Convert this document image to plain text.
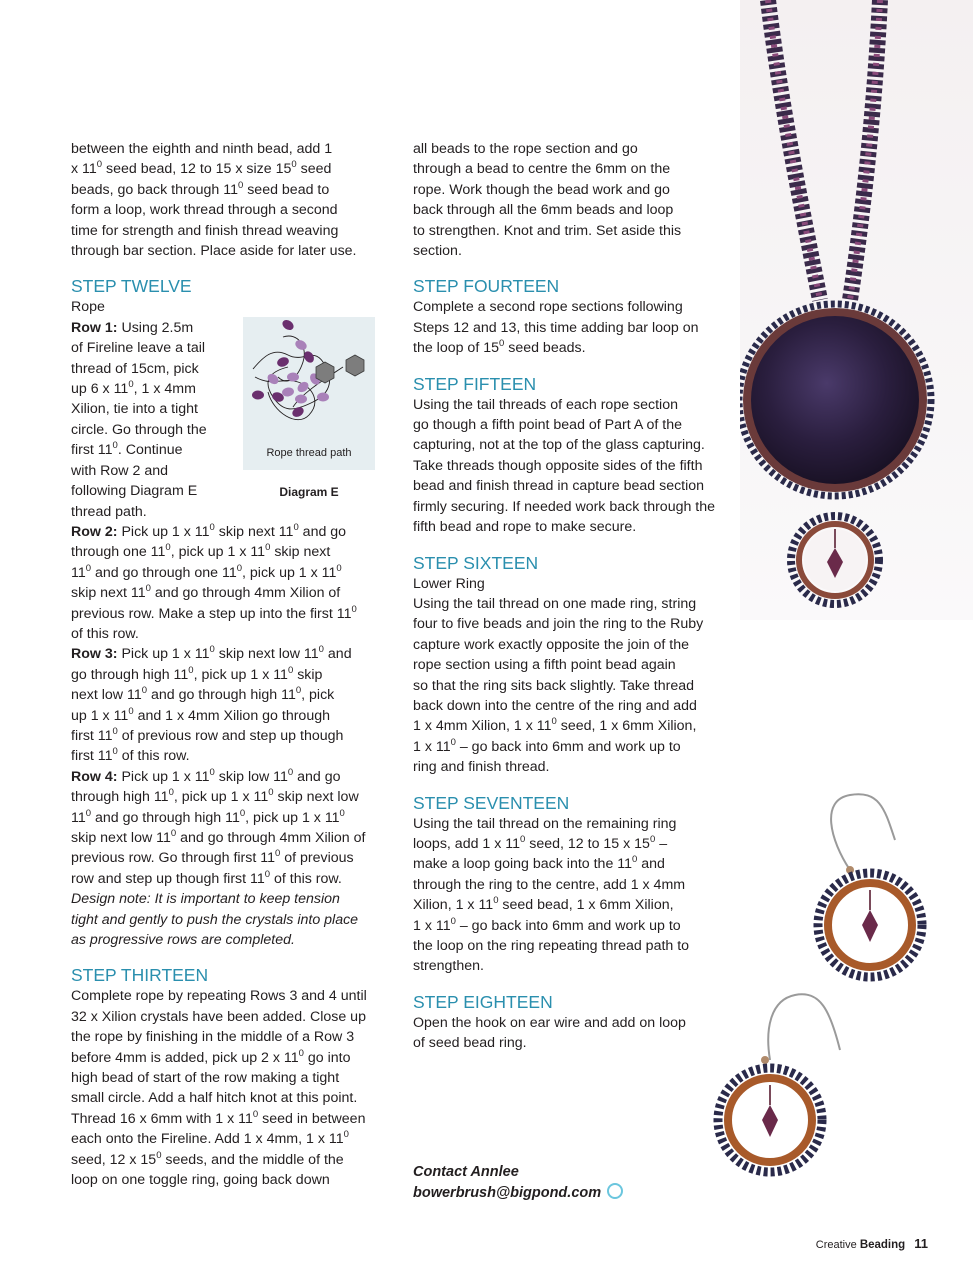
between the eighth and ninth bead, add 1
x $11^0$ seed bead, 12 to 15 x size $15^0$ seed
beads, go back through $11^0$ seed bead to
form a loop, work thread through a second
time for strength and finish thread weaving
through bar section. Place aside for later use.

STEP TWELVE

Rope

Row 1: Using 2.5m
of Fireline leave a tail
thread of 15cm, pick
up 6 x $11^0$, 1 x 4mm
Xilion, tie into a tight
circle. Go through the
first $11^0$. Continue
with Row 2 and
following Diagram E
thread path.

Row 2: Pick up 1 x $11^0$ skip next $11^0$ and go
through one $11^0$, pick up 1 x $11^0$ skip next
$11^0$ and go through one $11^0$, pick up 1 x $11^0$
skip next $11^0$ and go through 4mm Xilion of
previous row. Make a step up into the first $11^0$
of this row.

Row 3: Pick up 1 x $11^0$ skip next low $11^0$ and
go through high $11^0$, pick up 1 x $11^0$ skip
next low $11^0$ and go through high $11^0$, pick
up 1 x $11^0$ and 1 x 4mm Xilion go through
first $11^0$ of previous row and step up though
first $11^0$ of this row.

Row 4: Pick up 1 x $11^0$ skip low $11^0$ and go
through high $11^0$, pick up 1 x $11^0$ skip next low
$11^0$ and go through high $11^0$, pick up 1 x $11^0$
skip next low $11^0$ and go through 4mm Xilion of
previous row. Go through first $11^0$ of previous
row and step up though first $11^0$ of this row.

Design note: It is important to keep tension
tight and gently to push the crystals into place
as progressive rows are completed.

STEP THIRTEEN

Complete rope by repeating Rows 3 and 4 until
32 x Xilion crystals have been added. Close up
the rope by finishing in the middle of a Row 3
before 4mm is added, pick up 2 x $11^0$ go into
high bead of start of the row making a tight
small circle. Add a half hitch knot at this point.
Thread 16 x 6mm with 1 x $11^0$ seed in between
each onto the Fireline. Add 1 x 4mm, 1 x $11^0$
seed, 12 x $15^0$ seeds, and the middle of the
loop on one toggle ring, going back down

Rope thread path
Diagram E

all beads to the rope section and go
through a bead to centre the 6mm on the
rope. Work though the bead work and go
back through all the 6mm beads and loop
to strengthen. Knot and trim. Set aside this
section.

STEP FOURTEEN

Complete a second rope sections following
Steps 12 and 13, this time adding bar loop on
the loop of $15^0$ seed beads.

STEP FIFTEEN

Using the tail threads of each rope section
go though a fifth point bead of Part A of the
capturing, not at the top of the glass capturing.
Take threads though opposite sides of the fifth
bead and finish thread in capture bead section
firmly securing. If needed work back through the
fifth bead and rope to make secure.

STEP SIXTEEN

Lower Ring

Using the tail thread on one made ring, string
four to five beads and join the ring to the Ruby
capture work exactly opposite the join of the
rope section using a fifth point bead again
so that the ring sits back slightly. Take thread
back down into the centre of the ring and add
1 x 4mm Xilion, 1 x $11^0$ seed, 1 x 6mm Xilion,
1 x $11^0$ – go back into 6mm and work up to
ring and finish thread.

STEP SEVENTEEN

Using the tail thread on the remaining ring
loops, add 1 x $11^0$ seed, 12 to 15 x $15^0$ –
make a loop going back into the $11^0$ and
through the ring to the centre, add 1 x 4mm
Xilion, 1 x $11^0$ seed bead, 1 x 6mm Xilion,
1 x $11^0$ – go back into 6mm and work up to
the loop on the ring repeating thread path to
strengthen.

STEP EIGHTEEN

Open the hook on ear wire and add on loop
of seed bead ring.

Contact Annlee
bowerbrush@bigpond.com
Creative Beading 11
